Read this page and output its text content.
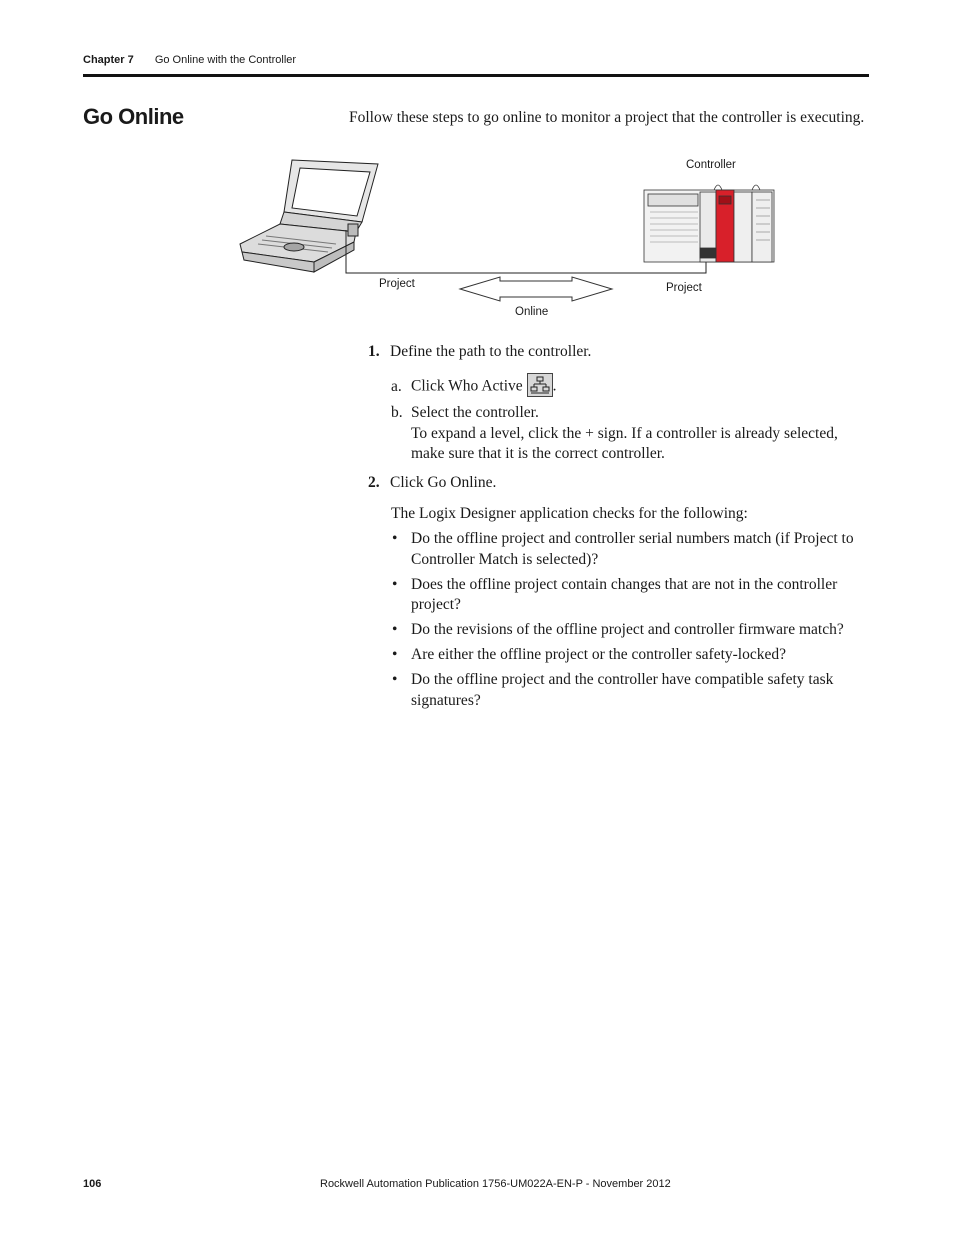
Chapter 7 Go Online with the Controller
Go Online	Follow these steps to go online to monitor a project that the controller is executing.
Controller
Project	Project
Online
1. Define the path to the controller.
a. Click Who Active .
b. Select the controller.
To expand a level, click the + sign. If a controller is already selected, make sure that it is the correct controller.
2. Click Go Online.
The Logix Designer application checks for the following:
• Do the offline project and controller serial numbers match (if Project to Controller Match is selected)?
• Does the offline project contain changes that are not in the controller project?
• Do the revisions of the offline project and controller firmware match?
• Are either the offline project or the controller safety-locked?
• Do the offline project and the controller have compatible safety task signatures?
106	Rockwell Automation Publication 1756-UM022A-EN-P - November 2012
